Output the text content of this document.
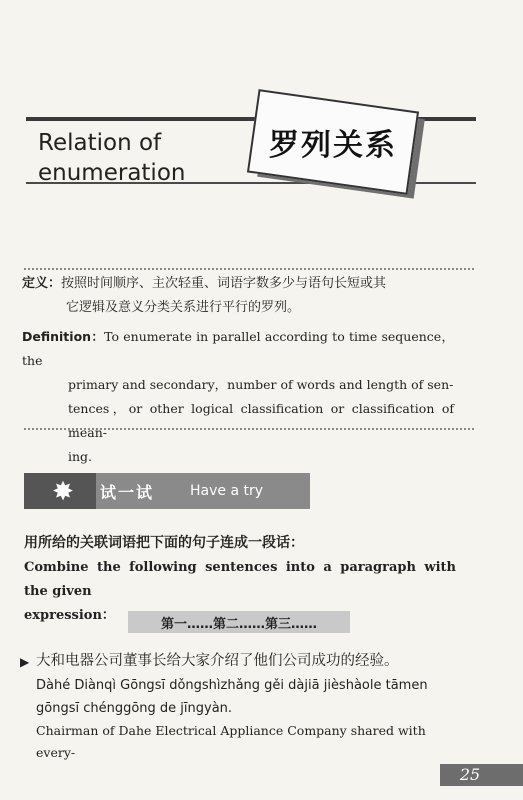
Relation of
enumeration
罗列关系
定义：按照时间顺序、主次轻重、词语字数多少与语句长短或其
它逻辑及意义分类关系进行平行的罗列。
Definition：To enumerate in parallel according to time sequence，the
primary and secondary，number of words and length of sen-
tences，or other logical classification or classification of mean-
ing.
✸ 试一试	Have a try
用所给的关联词语把下面的句子连成一段话：
Combine the following sentences into a paragraph with the given
expression：
第一……第二……第三……
▶ 大和电器公司董事长给大家介绍了他们公司成功的经验。
Dàhé Diànqì Gōngsī dǒngshìzhǎng gěi dàjiā jièshàole tāmen
gōngsī chénggōng de jīngyàn.
Chairman of Dahe Electrical Appliance Company shared with every-
25
